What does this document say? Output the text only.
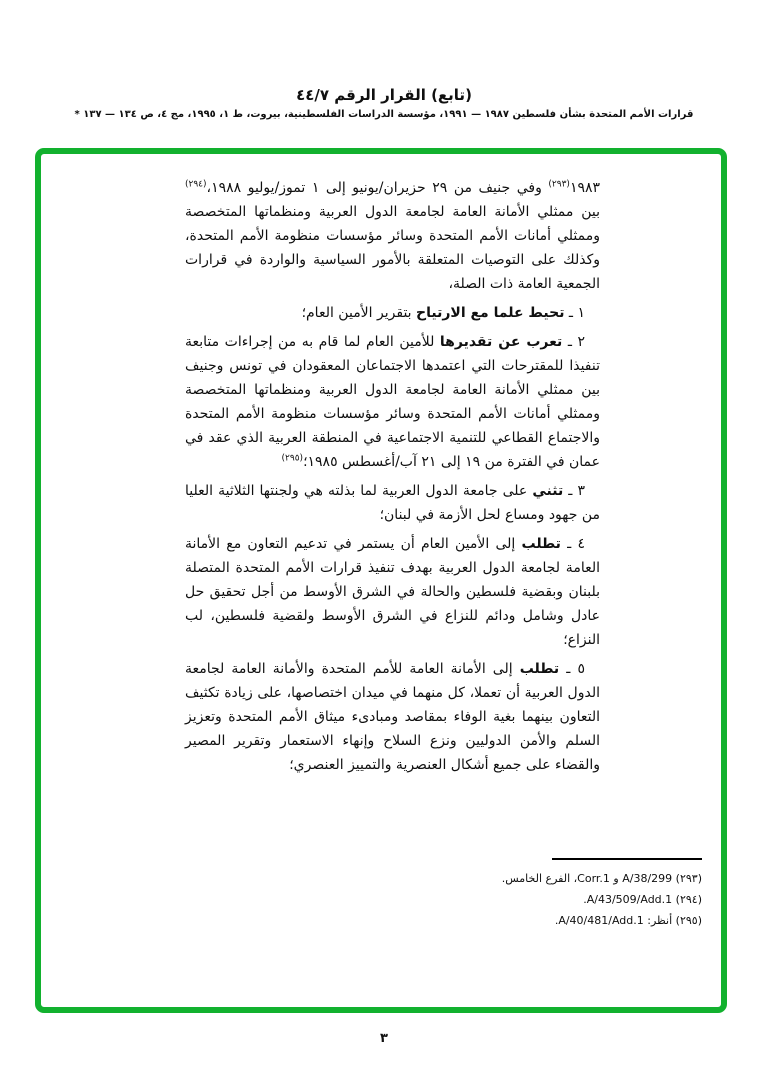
(تابع) القرار الرقم ٤٤/٧
قرارات الأمم المتحدة بشأن فلسطين ١٩٨٧ — ١٩٩١، مؤسسة الدراسات الفلسطينية، بيروت، ط ١، ١٩٩٥، مج ٤، ص ١٣٤ — ١٣٧ *

١٩٨٣$^{(٢٩٣)}$ وفي جنيف من ٢٩ حزيران/يونيو إلى ١ تموز/يوليو ١٩٨٨،$^{(٢٩٤)}$ بين ممثلي الأمانة العامة لجامعة الدول العربية ومنظماتها المتخصصة وممثلي أمانات الأمم المتحدة وسائر مؤسسات منظومة الأمم المتحدة، وكذلك على التوصيات المتعلقة بالأمور السياسية والواردة في قرارات الجمعية العامة ذات الصلة،

١ ـ تحيط علما مع الارتياح بتقرير الأمين العام؛

٢ ـ تعرب عن تقديرها للأمين العام لما قام به من إجراءات متابعة تنفيذا للمقترحات التي اعتمدها الاجتماعان المعقودان في تونس وجنيف بين ممثلي الأمانة العامة لجامعة الدول العربية ومنظماتها المتخصصة وممثلي أمانات الأمم المتحدة وسائر مؤسسات منظومة الأمم المتحدة والاجتماع القطاعي للتنمية الاجتماعية في المنطقة العربية الذي عقد في عمان في الفترة من ١٩ إلى ٢١ آب/أغسطس ١٩٨٥؛$^{(٢٩٥)}$

٣ ـ تثني على جامعة الدول العربية لما بذلته هي ولجنتها الثلاثية العليا من جهود ومساع لحل الأزمة في لبنان؛

٤ ـ تطلب إلى الأمين العام أن يستمر في تدعيم التعاون مع الأمانة العامة لجامعة الدول العربية بهدف تنفيذ قرارات الأمم المتحدة المتصلة بلبنان وبقضية فلسطين والحالة في الشرق الأوسط من أجل تحقيق حل عادل وشامل ودائم للنزاع في الشرق الأوسط ولقضية فلسطين، لب النزاع؛

٥ ـ تطلب إلى الأمانة العامة للأمم المتحدة والأمانة العامة لجامعة الدول العربية أن تعملا، كل منهما في ميدان اختصاصها، على زيادة تكثيف التعاون بينهما بغية الوفاء بمقاصد ومبادىء ميثاق الأمم المتحدة وتعزيز السلم والأمن الدوليين ونزع السلاح وإنهاء الاستعمار وتقرير المصير والقضاء على جميع أشكال العنصرية والتمييز العنصري؛

(٢٩٣) A/38/299 و Corr.1، الفرع الخامس.

(٢٩٤) A/43/509/Add.1.

(٢٩٥) أنظر: A/40/481/Add.1.

٣
